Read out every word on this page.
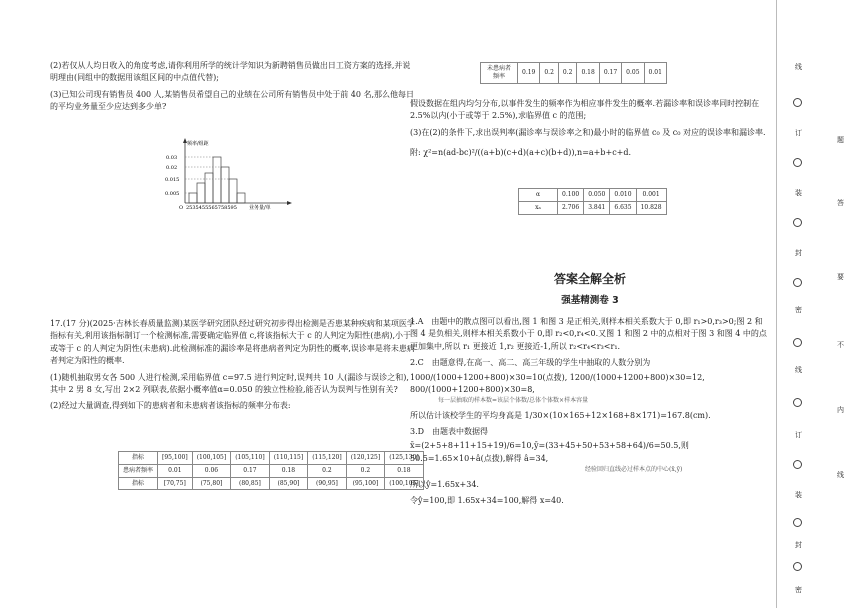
(2)若仅从人均日收入的角度考虑,请你利用所学的统计学知识为新聘销售员做出日工资方案的选择,并说明理由(同组中的数据用该组区间的中点值代替);

(3)已知公司现有销售员 400 人,某销售员希望自己的业绩在公司所有销售员中处于前 40 名,那么他每日的平均业务量至少应达到多少单?

频率/组距
0.03
0.02
0.015
0.005
O 2535455565758595 业务量/单

17.(17 分)(2025·吉林长春质量监测)某医学研究团队经过研究初步得出检测是否患某种疾病和某项医学指标有关,利用该指标制订一个检测标准,需要确定临界值 c,将该指标大于 c 的人判定为阳性(患病),小于或等于 c 的人判定为阴性(未患病).此检测标准的漏诊率是将患病者判定为阴性的概率,误诊率是将未患病者判定为阳性的概率.

(1)随机抽取男女各 500 人进行检测,采用临界值 c=97.5 进行判定时,误判共 10 人(漏诊与误诊之和),其中 2 男 8 女,写出 2×2 列联表,依据小概率值α=0.050 的独立性检验,能否认为误判与性别有关?

(2)经过大量调查,得到如下的患病者和未患病者该指标的频率分布表:

指标	[95,100]	(100,105]	(105,110]	(110,115]	(115,120]	(120,125]	(125,130]
患病者频率	0.01	0.06	0.17	0.18	0.2	0.2	0.18
指标	[70,75]	(75,80]	(80,85]	(85,90]	(90,95]	(95,100]	(100,105]
未患病者频率	0.19	0.2	0.2	0.18	0.17	0.05	0.01

假设数据在组内均匀分布,以事件发生的频率作为相应事件发生的概率.若漏诊率和误诊率同时控制在 2.5%以内(小于或等于 2.5%),求临界值 c 的范围;

(3)在(2)的条件下,求出误判率(漏诊率与误诊率之和)最小时的临界值 c₀ 及 c₀ 对应的误诊率和漏诊率.

附: χ²=n(ad-bc)²/((a+b)(c+d)(a+c)(b+d)),n=a+b+c+d.

α	0.100	0.050	0.010	0.001
xₐ	2.706	3.841	6.635	10.828
答案全解全析
强基精测卷 3

1.A　由题中的散点图可以看出,图 1 和图 3 是正相关,则样本相关系数大于 0,即 r₁>0,r₃>0;图 2 和图 4 是负相关,则样本相关系数小于 0,即 r₂<0,r₄<0.又图 1 和图 2 中的点相对于图 3 和图 4 中的点更加集中,所以 r₁ 更接近 1,r₂ 更接近-1,所以 r₂<r₄<r₃<r₁.

2.C　由题意得,在高一、高二、高三年级的学生中抽取的人数分别为

1000/(1000+1200+800)×30=10(点拨), 1200/(1000+1200+800)×30=12, 800/(1000+1200+800)×30=8,

每一层抽取的样本数=该层个体数/总体个体数×样本容量

所以估计该校学生的平均身高是 1/30×(10×165+12×168+8×171)=167.8(cm).

3.D　由题表中数据得

x̄=(2+5+8+11+15+19)/6=10,ȳ=(33+45+50+53+58+64)/6=50.5,则 50.5=1.65×10+â(点拨),解得 â=34,

经验回归直线必过样本点的中心(x̄,ȳ)

所以ŷ=1.65x+34.

令ŷ=100,即 1.65x+34=100,解得 x=40.

线
订
题
装
答
封
要
密
不
线
内
订
线
装
封
密
